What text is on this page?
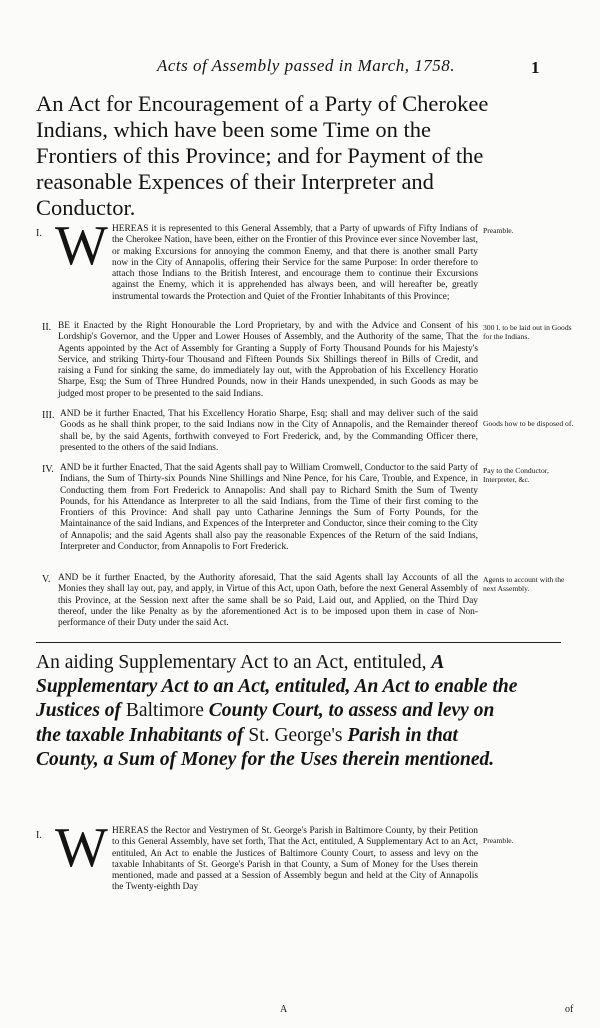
Acts of Assembly passed in March, 1758.	1
An Act for Encouragement of a Party of Cherokee Indians, which have been some Time on the Frontiers of this Province; and for Payment of the reasonable Expences of their Interpreter and Conductor.
I. W HEREAS it is represented to this General Assembly, that a Party of upwards of Fifty Indians of the Cherokee Nation, have been, either on the Frontier of this Province ever since November last, or making Excursions for annoying the common Enemy, and that there is another small Party now in the City of Annapolis, offering their Service for the same Purpose: In order therefore to attach those Indians to the British Interest, and encourage them to continue their Excursions against the Enemy, which it is apprehended has always been, and will hereafter be, greatly instrumental towards the Protection and Quiet of the Frontier Inhabitants of this Province;
Preamble.
II. BE it Enacted by the Right Honourable the Lord Proprietary, by and with the Advice and Consent of his Lordship's Governor, and the Upper and Lower Houses of Assembly, and the Authority of the same, That the Agents appointed by the Act of Assembly for Granting a Supply of Forty Thousand Pounds for his Majesty's Service, and striking Thirty-four Thousand and Fifteen Pounds Six Shillings thereof in Bills of Credit, and raising a Fund for sinking the same, do immediately lay out, with the Approbation of his Excellency Horatio Sharpe, Esq; the Sum of Three Hundred Pounds, now in their Hands unexpended, in such Goods as may be judged most proper to be presented to the said Indians.
300 l. to be laid out in Goods for the Indians.
III. AND be it further Enacted, That his Excellency Horatio Sharpe, Esq; shall and may deliver such of the said Goods as he shall think proper, to the said Indians now in the City of Annapolis, and the Remainder thereof shall be, by the said Agents, forthwith conveyed to Fort Frederick, and, by the Commanding Officer there, presented to the others of the said Indians.
Goods how to be disposed of.
IV. AND be it further Enacted, That the said Agents shall pay to William Cromwell, Conductor to the said Party of Indians, the Sum of Thirty-six Pounds Nine Shillings and Nine Pence, for his Care, Trouble, and Expence, in Conducting them from Fort Frederick to Annapolis: And shall pay to Richard Smith the Sum of Twenty Pounds, for his Attendance as Interpreter to all the said Indians, from the Time of their first coming to the Frontiers of this Province: And shall pay unto Catharine Jennings the Sum of Forty Pounds, for the Maintainance of the said Indians, and Expences of the Interpreter and Conductor, since their coming to the City of Annapolis; and the said Agents shall also pay the reasonable Expences of the Return of the said Indians, Interpreter and Conductor, from Annapolis to Fort Frederick.
Pay to the Conductor, Interpreter, &c.
V. AND be it further Enacted, by the Authority aforesaid, That the said Agents shall lay Accounts of all the Monies they shall lay out, pay, and apply, in Virtue of this Act, upon Oath, before the next General Assembly of this Province, at the Session next after the same shall be so Paid, Laid out, and Applied, on the Third Day thereof, under the like Penalty as by the aforementioned Act is to be imposed upon them in case of Non-performance of their Duty under the said Act.
Agents to account with the next Assembly.
An aiding Supplementary Act to an Act, entituled, A Supplementary Act to an Act, entituled, An Act to enable the Justices of Baltimore County Court, to assess and levy on the taxable Inhabitants of St. George's Parish in that County, a Sum of Money for the Uses therein mentioned.
I. W HEREAS the Rector and Vestrymen of St. George's Parish in Baltimore County, by their Petition to this General Assembly, have set forth, That the Act, entituled, A Supplementary Act to an Act, entituled, An Act to enable the Justices of Baltimore County Court, to assess and levy on the taxable Inhabitants of St. George's Parish in that County, a Sum of Money for the Uses therein mentioned, made and passed at a Session of Assembly begun and held at the City of Annapolis the Twenty-eighth Day
Preamble.
A	of
